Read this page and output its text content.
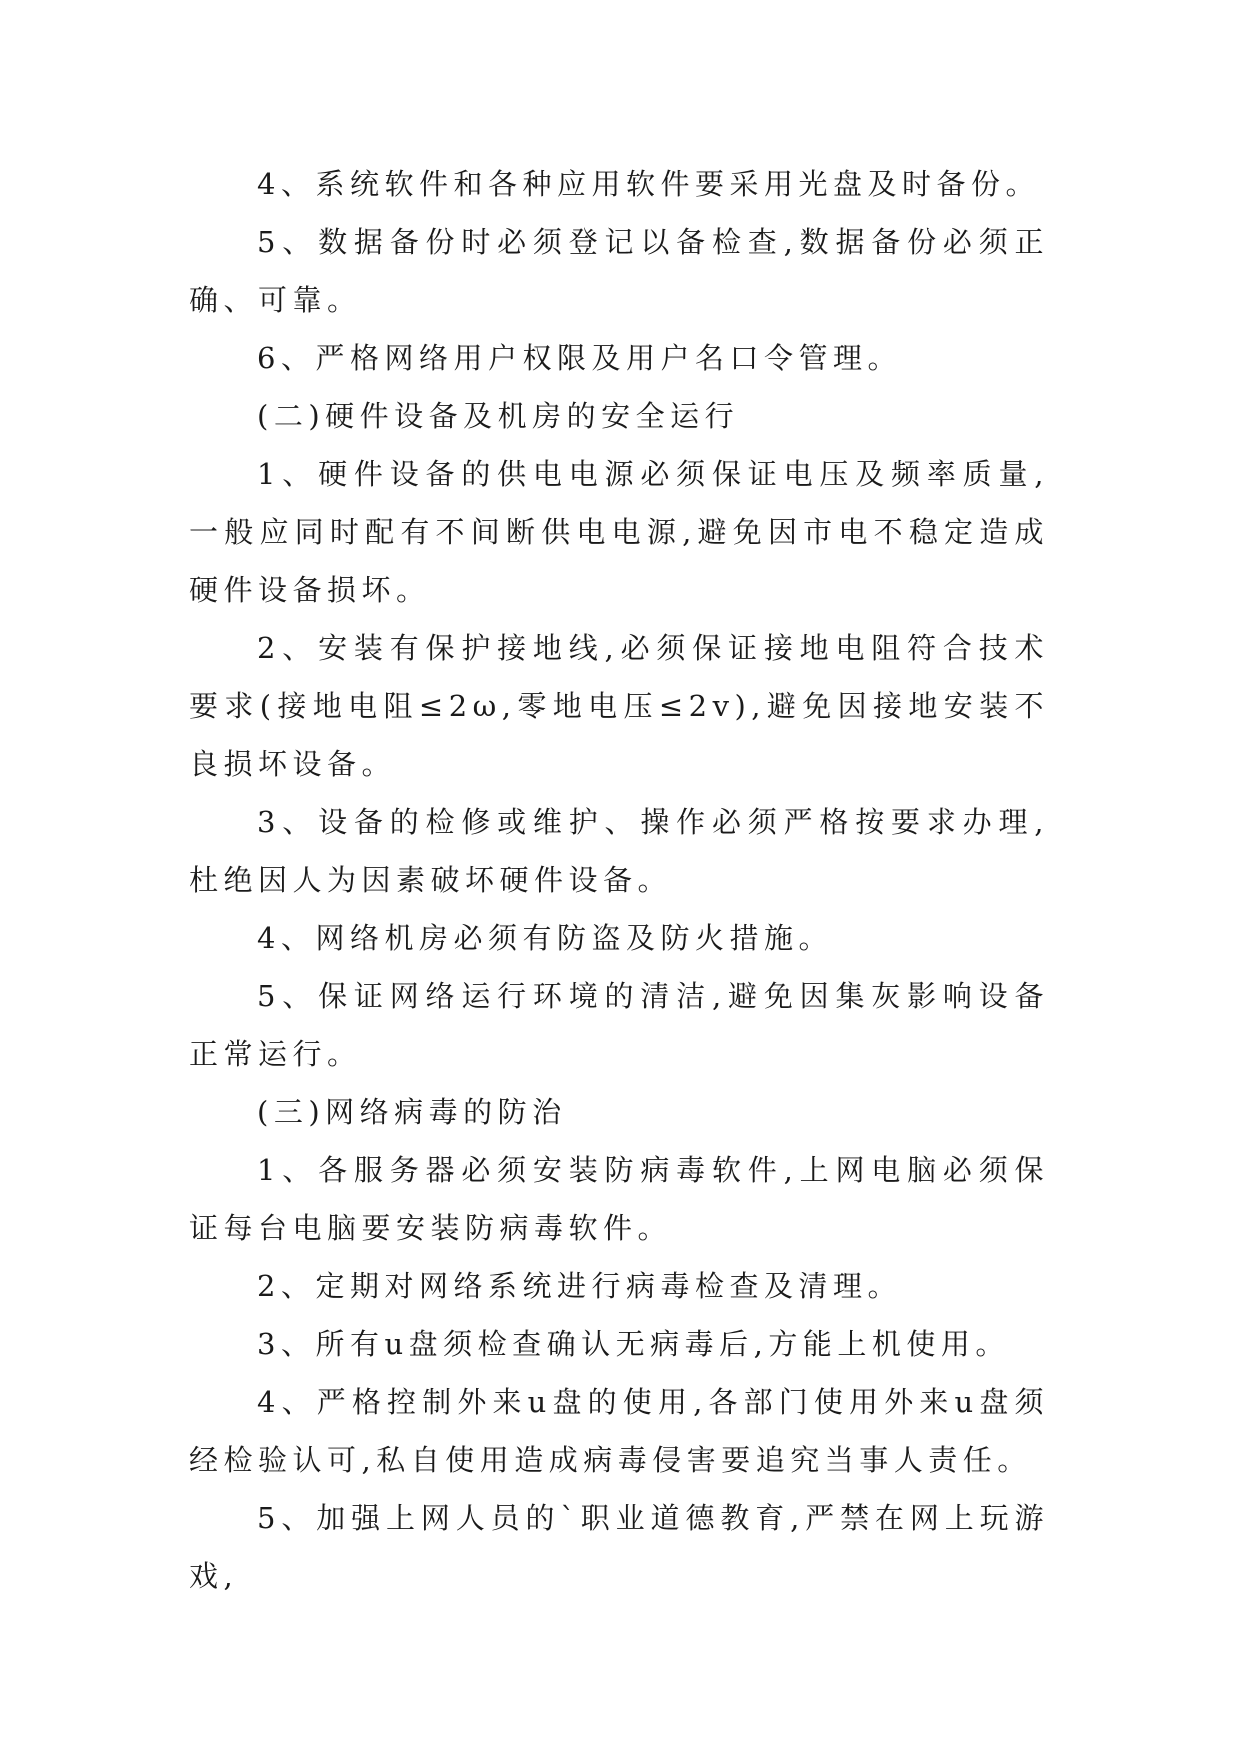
4、系统软件和各种应用软件要采用光盘及时备份。

5、数据备份时必须登记以备检查,数据备份必须正确、可靠。

6、严格网络用户权限及用户名口令管理。

(二)硬件设备及机房的安全运行

1、硬件设备的供电电源必须保证电压及频率质量,一般应同时配有不间断供电电源,避免因市电不稳定造成硬件设备损坏。

2、安装有保护接地线,必须保证接地电阻符合技术要求(接地电阻≤2ω,零地电压≤2v),避免因接地安装不良损坏设备。

3、设备的检修或维护、操作必须严格按要求办理,杜绝因人为因素破坏硬件设备。

4、网络机房必须有防盗及防火措施。

5、保证网络运行环境的清洁,避免因集灰影响设备正常运行。

(三)网络病毒的防治

1、各服务器必须安装防病毒软件,上网电脑必须保证每台电脑要安装防病毒软件。

2、定期对网络系统进行病毒检查及清理。

3、所有u盘须检查确认无病毒后,方能上机使用。

4、严格控制外来u盘的使用,各部门使用外来u盘须经检验认可,私自使用造成病毒侵害要追究当事人责任。

5、加强上网人员的`职业道德教育,严禁在网上玩游戏,
